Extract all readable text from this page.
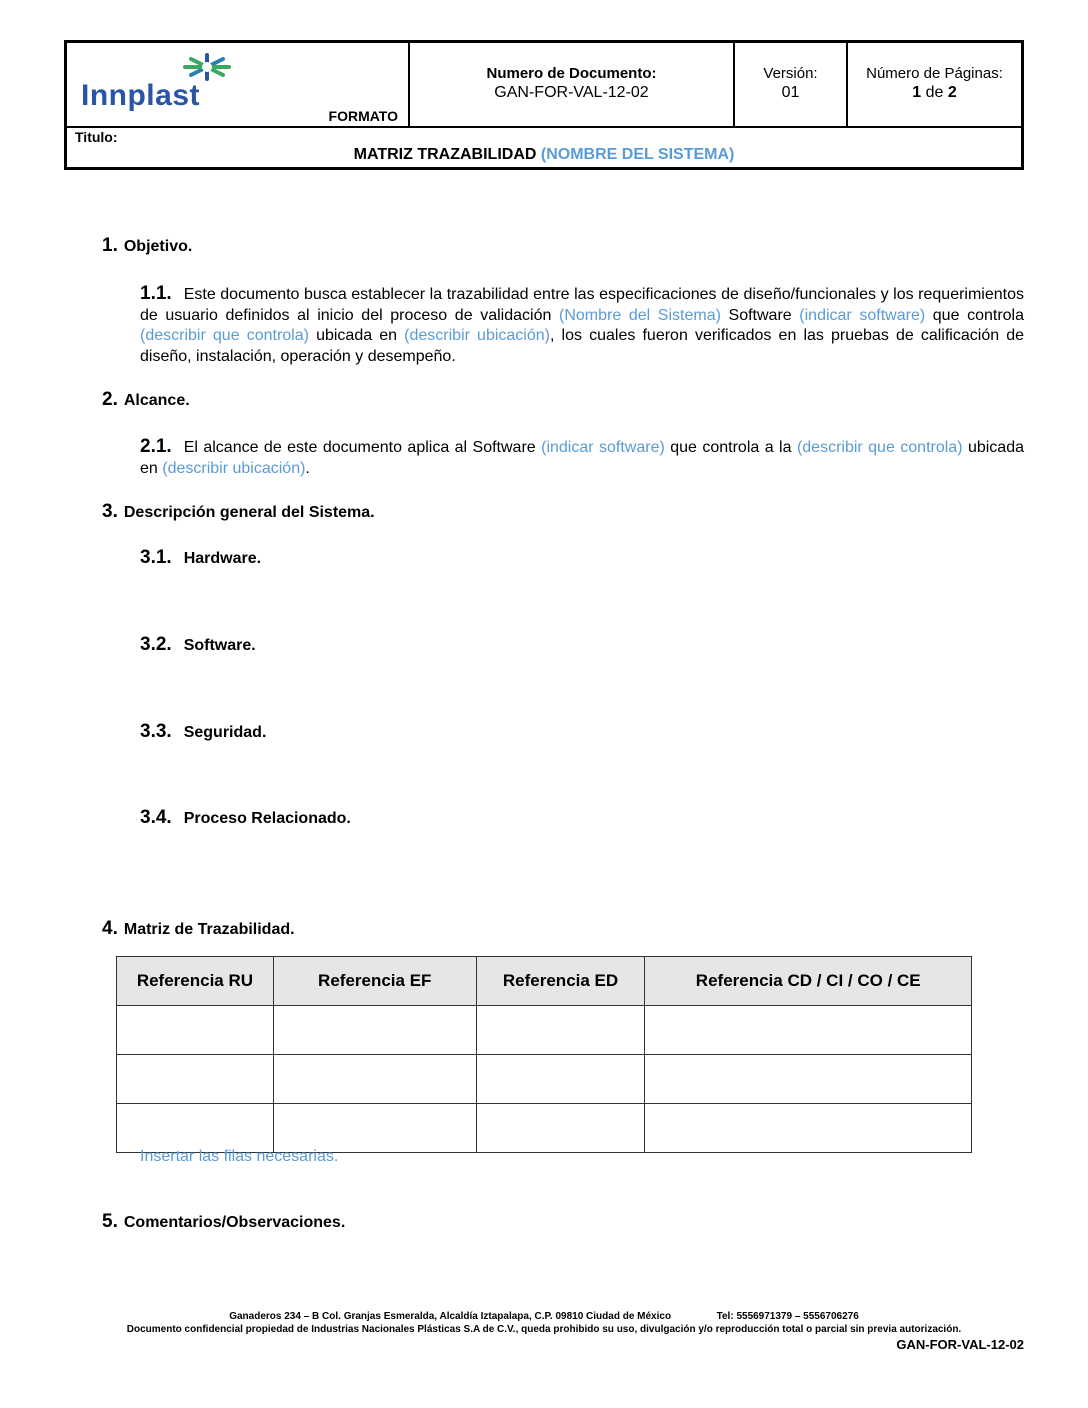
Innplast
FORMATO
Numero de Documento:
GAN-FOR-VAL-12-02
Versión:
01
Número de Páginas:
1 de 2
Titulo:
MATRIZ TRAZABILIDAD (NOMBRE DEL SISTEMA)
1. Objetivo.
1.1. Este documento busca establecer la trazabilidad entre las especificaciones de diseño/funcionales y los requerimientos de usuario definidos al inicio del proceso de validación (Nombre del Sistema) Software (indicar software) que controla (describir que controla) ubicada en (describir ubicación), los cuales fueron verificados en las pruebas de calificación de diseño, instalación, operación y desempeño.
2. Alcance.
2.1. El alcance de este documento aplica al Software (indicar software) que controla a la (describir que controla) ubicada en (describir ubicación).
3. Descripción general del Sistema.
3.1. Hardware.
3.2. Software.
3.3. Seguridad.
3.4. Proceso Relacionado.
4. Matriz de Trazabilidad.
Referencia RU	Referencia EF	Referencia ED	Referencia CD / CI / CO / CE

Insertar las filas necesarias.
5. Comentarios/Observaciones.
Ganaderos 234 – B Col. Granjas Esmeralda, Alcaldía Iztapalapa, C.P. 09810 Ciudad de México	Tel: 5556971379 – 5556706276
Documento confidencial propiedad de Industrias Nacionales Plásticas S.A de C.V., queda prohibido su uso, divulgación y/o reproducción total o parcial sin previa autorización.
GAN-FOR-VAL-12-02
